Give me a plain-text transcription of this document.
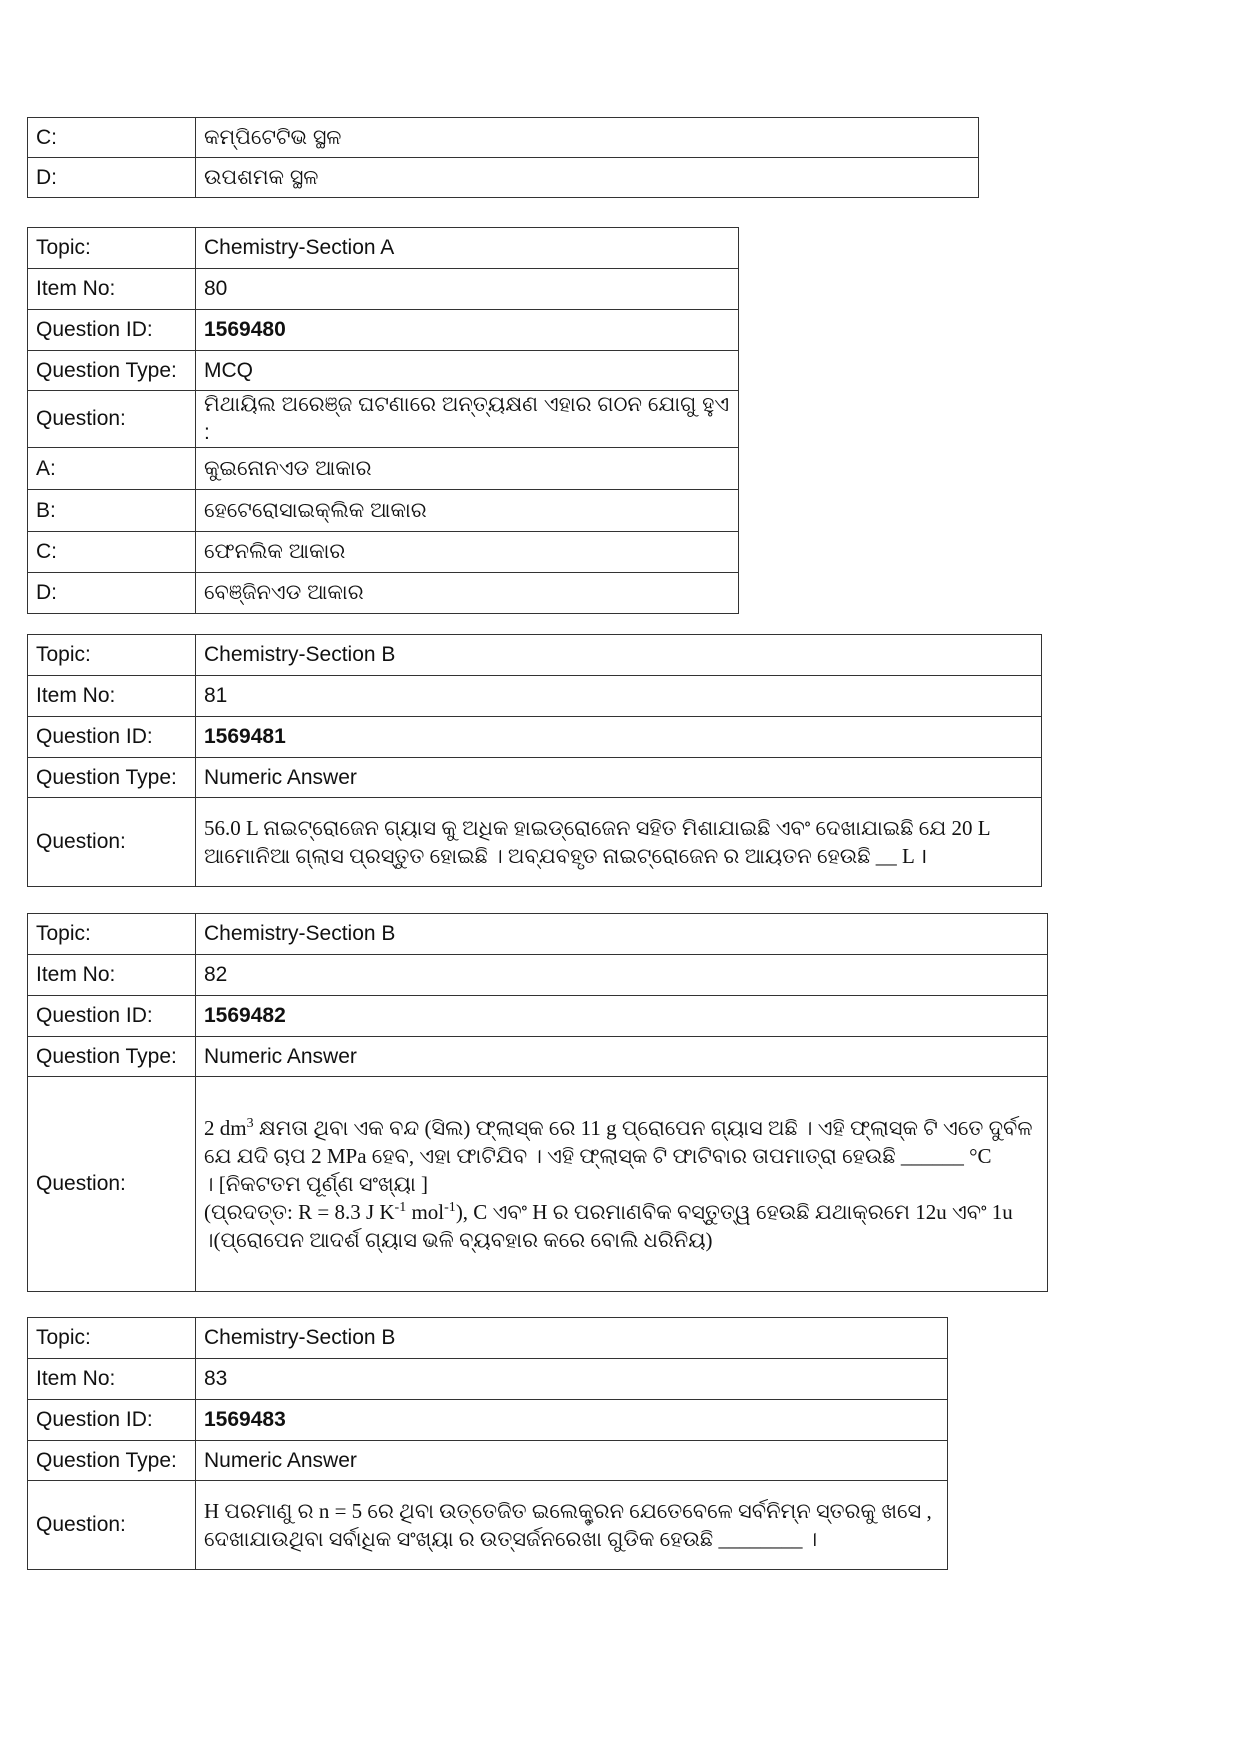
C:	କମ୍ପିଟେଟିଭ ସ୍ଥଳ
D:	ଉପଶମକ ସ୍ଥଳ
Topic:	Chemistry-Section A
Item No:	80
Question ID:	1569480
Question Type:	MCQ
Question:	ମିଥାୟିଲ ଅରେଞ୍ଜ ଘଟଣାରେ ଅନ୍ତ୍ୟକ୍ଷଣ ଏହାର ଗଠନ ଯୋଗୁ ହୁଏ :
A:	କୁଇନୋନଏଡ ଆକାର
B:	ହେଟେରୋସାଇକ୍ଲିକ ଆକାର
C:	ଫେନଲିକ ଆକାର
D:	ବେଞ୍ଜିନଏଡ ଆକାର
Topic:	Chemistry-Section B
Item No:	81
Question ID:	1569481
Question Type:	Numeric Answer
Question:	56.0 L ନାଇଟ୍ରୋଜେନ ଗ୍ୟାସ କୁ ଅଧିକ ହାଇଡ୍ରୋଜେନ ସହିତ ମିଶାଯାଇଛି ଏବଂ ଦେଖାଯାଇଛି ଯେ 20 L
ଆମୋନିଆ ଗ୍ଲାସ ପ୍ରସ୍ତୁତ ହୋଇଛି । ଅବ୍ଯବହୃତ ନାଇଟ୍ରୋଜେନ ର ଆୟତନ ହେଉଛି __ L ।
Topic:	Chemistry-Section B
Item No:	82
Question ID:	1569482
Question Type:	Numeric Answer
Question:	2 $dm^3$ କ୍ଷମତା ଥିବା ଏକ ବନ୍ଦ (ସିଲ) ଫ୍ଲାସ୍କ ରେ 11 g ପ୍ରୋପେନ ଗ୍ୟାସ ଅଛି । ଏହି ଫ୍ଲାସ୍କ ଟି ଏତେ ଦୁର୍ବଳ
ଯେ ଯଦି ଚାପ 2 MPa ହେବ, ଏହା ଫାଟିଯିବ । ଏହି ଫ୍ଲାସ୍କ ଟି ଫାଟିବାର ତାପମାତ୍ରା ହେଉଛି ______ °C
। [ନିକଟତମ ପୂର୍ଣ୍ଣ ସଂଖ୍ୟା ]
(ପ୍ରଦତ୍ତ: R = 8.3 J $K^{-1}$ mol$^{-1}$), C ଏବଂ H ର ପରମାଣବିକ ବସ୍ତୁତ୍ୱ ହେଉଛି ଯଥାକ୍ରମେ 12u ଏବଂ 1u
।(ପ୍ରୋପେନ ଆଦର୍ଶ ଗ୍ୟାସ ଭଳି ବ୍ୟବହାର କରେ ବୋଲି ଧରିନିୟ)
Topic:	Chemistry-Section B
Item No:	83
Question ID:	1569483
Question Type:	Numeric Answer
Question:	H ପରମାଣୁ ର n = 5 ରେ ଥିବା ଉତ୍ତେଜିତ ଇଲେକ୍ଟ୍ରନ ଯେତେବେଳେ ସର୍ବନିମ୍ନ ସ୍ତରକୁ ଖସେ ,
ଦେଖାଯାଉଥିବା ସର୍ବାଧିକ ସଂଖ୍ୟା ର ଉତ୍ସର୍ଜନରେଖା ଗୁଡିକ ହେଉଛି ________ ।
